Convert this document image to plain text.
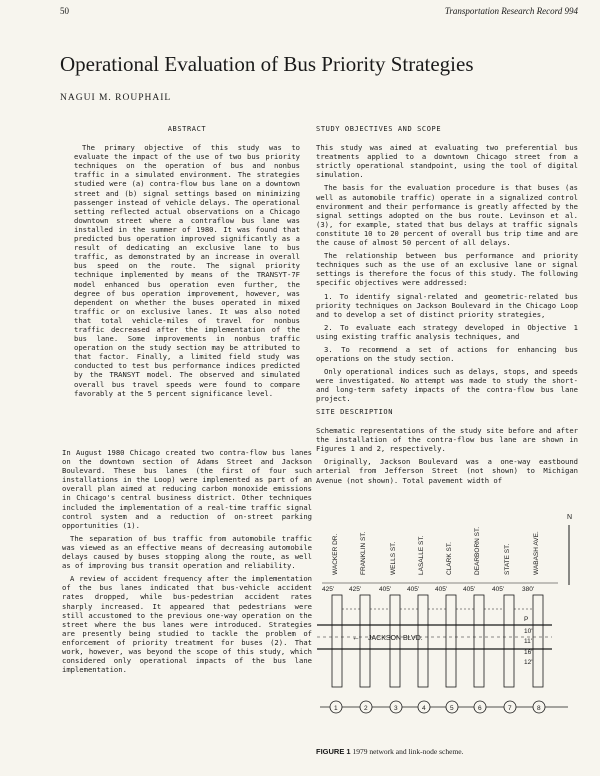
50	Transportation Research Record 994
Operational Evaluation of Bus Priority Strategies
NAGUI M. ROUPHAIL
ABSTRACT

The primary objective of this study was to evaluate the impact of the use of two bus priority techniques on the operation of bus and nonbus traffic in a simulated environment. The strategies studied were (a) contra-flow bus lane on a downtown street and (b) signal settings based on minimizing passenger instead of vehicle delays. The operational setting reflected actual observations on a Chicago downtown street where a contraflow bus lane was installed in the summer of 1980. It was found that predicted bus operation improved significantly as a result of dedicating an exclusive lane to bus traffic, as demonstrated by an increase in overall bus speed on the route. The signal priority technique implemented by means of the TRANSYT-7F model enhanced bus operation even further, the degree of bus operation improvement, however, was dependent on whether the buses operated in mixed traffic or on exclusive lanes. It was also noted that total vehicle-miles of travel for nonbus traffic decreased after the implementation of the bus lane. Some improvements in nonbus traffic operation on the study section may be attributed to that factor. Finally, a limited field study was conducted to test bus performance indices predicted by the TRANSYT model. The observed and simulated overall bus travel speeds were found to compare favorably at the 5 percent significance level.

In August 1980 Chicago created two contra-flow bus lanes on the downtown section of Adams Street and Jackson Boulevard. These bus lanes (the first of four such installations in the Loop) were implemented as part of an overall plan aimed at reducing carbon monoxide emissions in Chicago's central business district. Other techniques included the implementation of a real-time traffic signal control system and a reduction of on-street parking opportunities (1).

The separation of bus traffic from automobile traffic was viewed as an effective means of decreasing automobile delays caused by buses stopping along the route, as well as of improving bus transit operation and reliability.

A review of accident frequency after the implementation of the bus lanes indicated that bus-vehicle accident rates dropped, while bus-pedestrian accident rates sharply increased. It appeared that pedestrians were still accustomed to the previous one-way operation on the street where the bus lanes were introduced. Strategies are presently being studied to tackle the problem of enforcement of priority treatment for buses (2). That work, however, was beyond the scope of this study, which considered only operational impacts of the bus lane implementation.

STUDY OBJECTIVES AND SCOPE

This study was aimed at evaluating two preferential bus treatments applied to a downtown Chicago street from a strictly operational standpoint, using the tool of digital simulation.

The basis for the evaluation procedure is that buses (as well as automobile traffic) operate in a signalized control environment and their performance is greatly affected by the signal settings adopted on the bus route. Levinson et al. (3), for example, stated that bus delays at traffic signals constitute 10 to 20 percent of overall bus trip time and are the cause of almost 50 percent of all delays.

The relationship between bus performance and priority techniques such as the use of an exclusive lane or signal settings is therefore the focus of this study. The following specific objectives were addressed:

1. To identify signal-related and geometric-related bus priority techniques on Jackson Boulevard in the Chicago Loop and to develop a set of distinct priority strategies,

2. To evaluate each strategy developed in Objective 1 using existing traffic analysis techniques, and

3. To recommend a set of actions for enhancing bus operations on the study section.

Only operational indices such as delays, stops, and speeds were investigated. No attempt was made to study the short- and long-term safety impacts of the contra-flow bus lane project.

SITE DESCRIPTION

Schematic representations of the study site before and after the installation of the contra-flow bus lane are shown in Figures 1 and 2, respectively.

Originally, Jackson Boulevard was a one-way eastbound arterial from Jefferson Street (not shown) to Michigan Avenue (not shown). Total pavement width of

WACKER DR.	FRANKLIN ST.	WELLS ST.	LASALLE ST.	CLARK ST.	DEARBORN ST.	STATE ST.	WABASH AVE.
N
425' 425'	405' 405' 405' 405'	405'	380'
JACKSON BLVD.
←
P
10'
11'
16'
12'
1	2	3	4	5	6	7	8
FIGURE 1 1979 network and link-node scheme.
